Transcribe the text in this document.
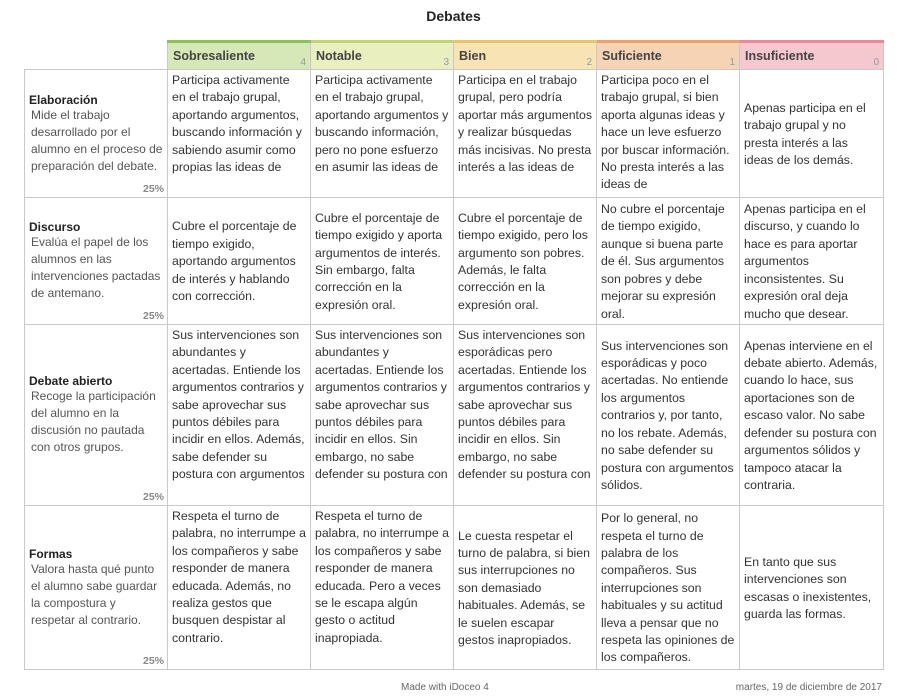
Debates

	Sobresaliente 4	Notable 3	Bien 2	Suficiente 1	Insuficiente 0

Elaboración
Mide el trabajo desarrollado por el alumno en el proceso de preparación del debate.
25%	Participa activamente en el trabajo grupal, aportando argumentos, buscando información y sabiendo asumir como propias las ideas de	Participa activamente en el trabajo grupal, aportando argumentos y buscando información, pero no pone esfuerzo en asumir las ideas de	Participa en el trabajo grupal, pero podría aportar más argumentos y realizar búsquedas más incisivas. No presta interés a las ideas de	Participa poco en el trabajo grupal, si bien aporta algunas ideas y hace un leve esfuerzo por buscar información. No presta interés a las ideas de	Apenas participa en el trabajo grupal y no presta interés a las ideas de los demás.

Discurso
Evalúa el papel de los alumnos en las intervenciones pactadas de antemano.
25%	Cubre el porcentaje de tiempo exigido, aportando argumentos de interés y hablando con corrección.	Cubre el porcentaje de tiempo exigido y aporta argumentos de interés. Sin embargo, falta corrección en la expresión oral.	Cubre el porcentaje de tiempo exigido, pero los argumento son pobres. Además, le falta corrección en la expresión oral.	No cubre el porcentaje de tiempo exigido, aunque si buena parte de él. Sus argumentos son pobres y debe mejorar su expresión oral.	Apenas participa en el discurso, y cuando lo hace es para aportar argumentos inconsistentes. Su expresión oral deja mucho que desear.

Debate abierto
Recoge la participación del alumno en la discusión no pautada con otros grupos.
25%	Sus intervenciones son abundantes y acertadas. Entiende los argumentos contrarios y sabe aprovechar sus puntos débiles para incidir en ellos. Además, sabe defender su postura con argumentos	Sus intervenciones son abundantes y acertadas. Entiende los argumentos contrarios y sabe aprovechar sus puntos débiles para incidir en ellos. Sin embargo, no sabe defender su postura con	Sus intervenciones son esporádicas pero acertadas. Entiende los argumentos contrarios y sabe aprovechar sus puntos débiles para incidir en ellos. Sin embargo, no sabe defender su postura con	Sus intervenciones son esporádicas y poco acertadas. No entiende los argumentos contrarios y, por tanto, no los rebate. Además, no sabe defender su postura con argumentos sólidos.	Apenas interviene en el debate abierto. Además, cuando lo hace, sus aportaciones son de escaso valor. No sabe defender su postura con argumentos sólidos y tampoco atacar la contraria.

Formas
Valora hasta qué punto el alumno sabe guardar la compostura y respetar al contrario.
25%	Respeta el turno de palabra, no interrumpe a los compañeros y sabe responder de manera educada. Además, no realiza gestos que busquen despistar al contrario.	Respeta el turno de palabra, no interrumpe a los compañeros y sabe responder de manera educada. Pero a veces se le escapa algún gesto o actitud inapropiada.	Le cuesta respetar el turno de palabra, si bien sus interrupciones no son demasiado habituales. Además, se le suelen escapar gestos inapropiados.	Por lo general, no respeta el turno de palabra de los compañeros. Sus interrupciones son habituales y su actitud lleva a pensar que no respeta las opiniones de los compañeros.	En tanto que sus intervenciones son escasas o inexistentes, guarda las formas.
Made with iDoceo 4	martes, 19 de diciembre de 2017
